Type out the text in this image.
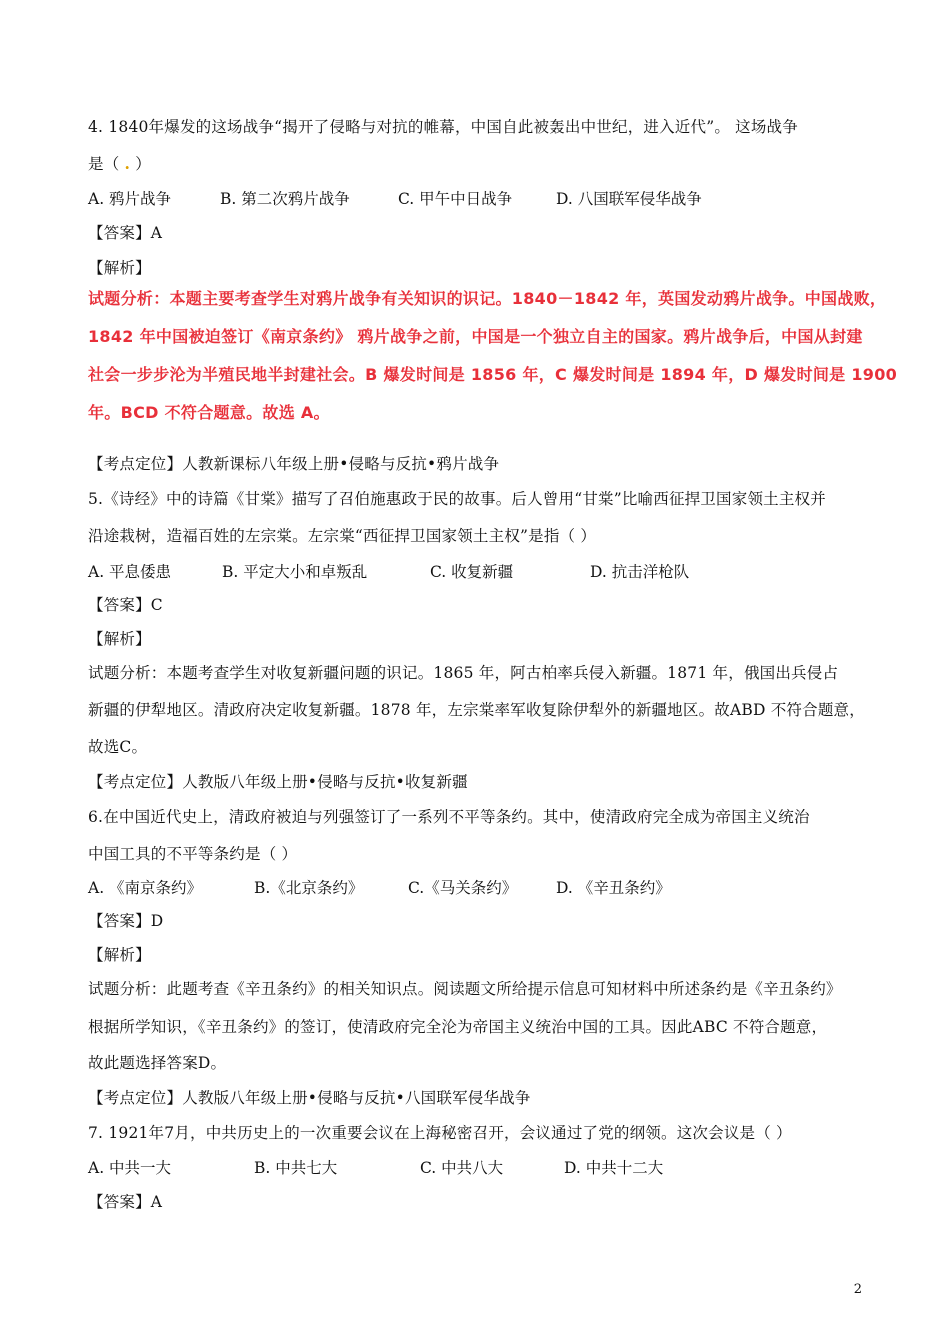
4. 1840年爆发的这场战争“揭开了侵略与对抗的帷幕，中国自此被轰出中世纪，进入近代”。 这场战争
是（ . ）
A. 鸦片战争	B. 第二次鸦片战争	C. 甲午中日战争	D. 八国联军侵华战争
【答案】A
【解析】
试题分析：本题主要考查学生对鸦片战争有关知识的识记。1840－1842 年，英国发动鸦片战争。中国战败，
1842 年中国被迫签订《南京条约》 鸦片战争之前，中国是一个独立自主的国家。鸦片战争后，中国从封建
社会一步步沦为半殖民地半封建社会。B 爆发时间是 1856 年，C 爆发时间是 1894 年，D 爆发时间是 1900
年。BCD 不符合题意。故选 A。
【考点定位】人教新课标八年级上册•侵略与反抗•鸦片战争
5.《诗经》中的诗篇《甘棠》描写了召伯施惠政于民的故事。后人曾用“甘棠”比喻西征捍卫国家领土主权并
沿途栽树，造福百姓的左宗棠。左宗棠“西征捍卫国家领土主权”是指（ ）
A. 平息倭患	B. 平定大小和卓叛乱	C. 收复新疆	D. 抗击洋枪队
【答案】C
【解析】
试题分析：本题考查学生对收复新疆问题的识记。1865 年，阿古柏率兵侵入新疆。1871 年，俄国出兵侵占
新疆的伊犁地区。清政府决定收复新疆。1878 年，左宗棠率军收复除伊犁外的新疆地区。故ABD 不符合题意，
故选C。
【考点定位】人教版八年级上册•侵略与反抗•收复新疆
6.在中国近代史上，清政府被迫与列强签订了一系列不平等条约。其中，使清政府完全成为帝国主义统治
中国工具的不平等条约是（ ）
A. 《南京条约》	B.《北京条约》	C.《马关条约》	D. 《辛丑条约》
【答案】D
【解析】
试题分析：此题考查《辛丑条约》的相关知识点。阅读题文所给提示信息可知材料中所述条约是《辛丑条约》
根据所学知识，《辛丑条约》的签订，使清政府完全沦为帝国主义统治中国的工具。因此ABC 不符合题意，
故此题选择答案D。
【考点定位】人教版八年级上册•侵略与反抗•八国联军侵华战争
7. 1921年7月，中共历史上的一次重要会议在上海秘密召开，会议通过了党的纲领。这次会议是（ ）
A. 中共一大	B. 中共七大	C. 中共八大	D. 中共十二大
【答案】A
2
